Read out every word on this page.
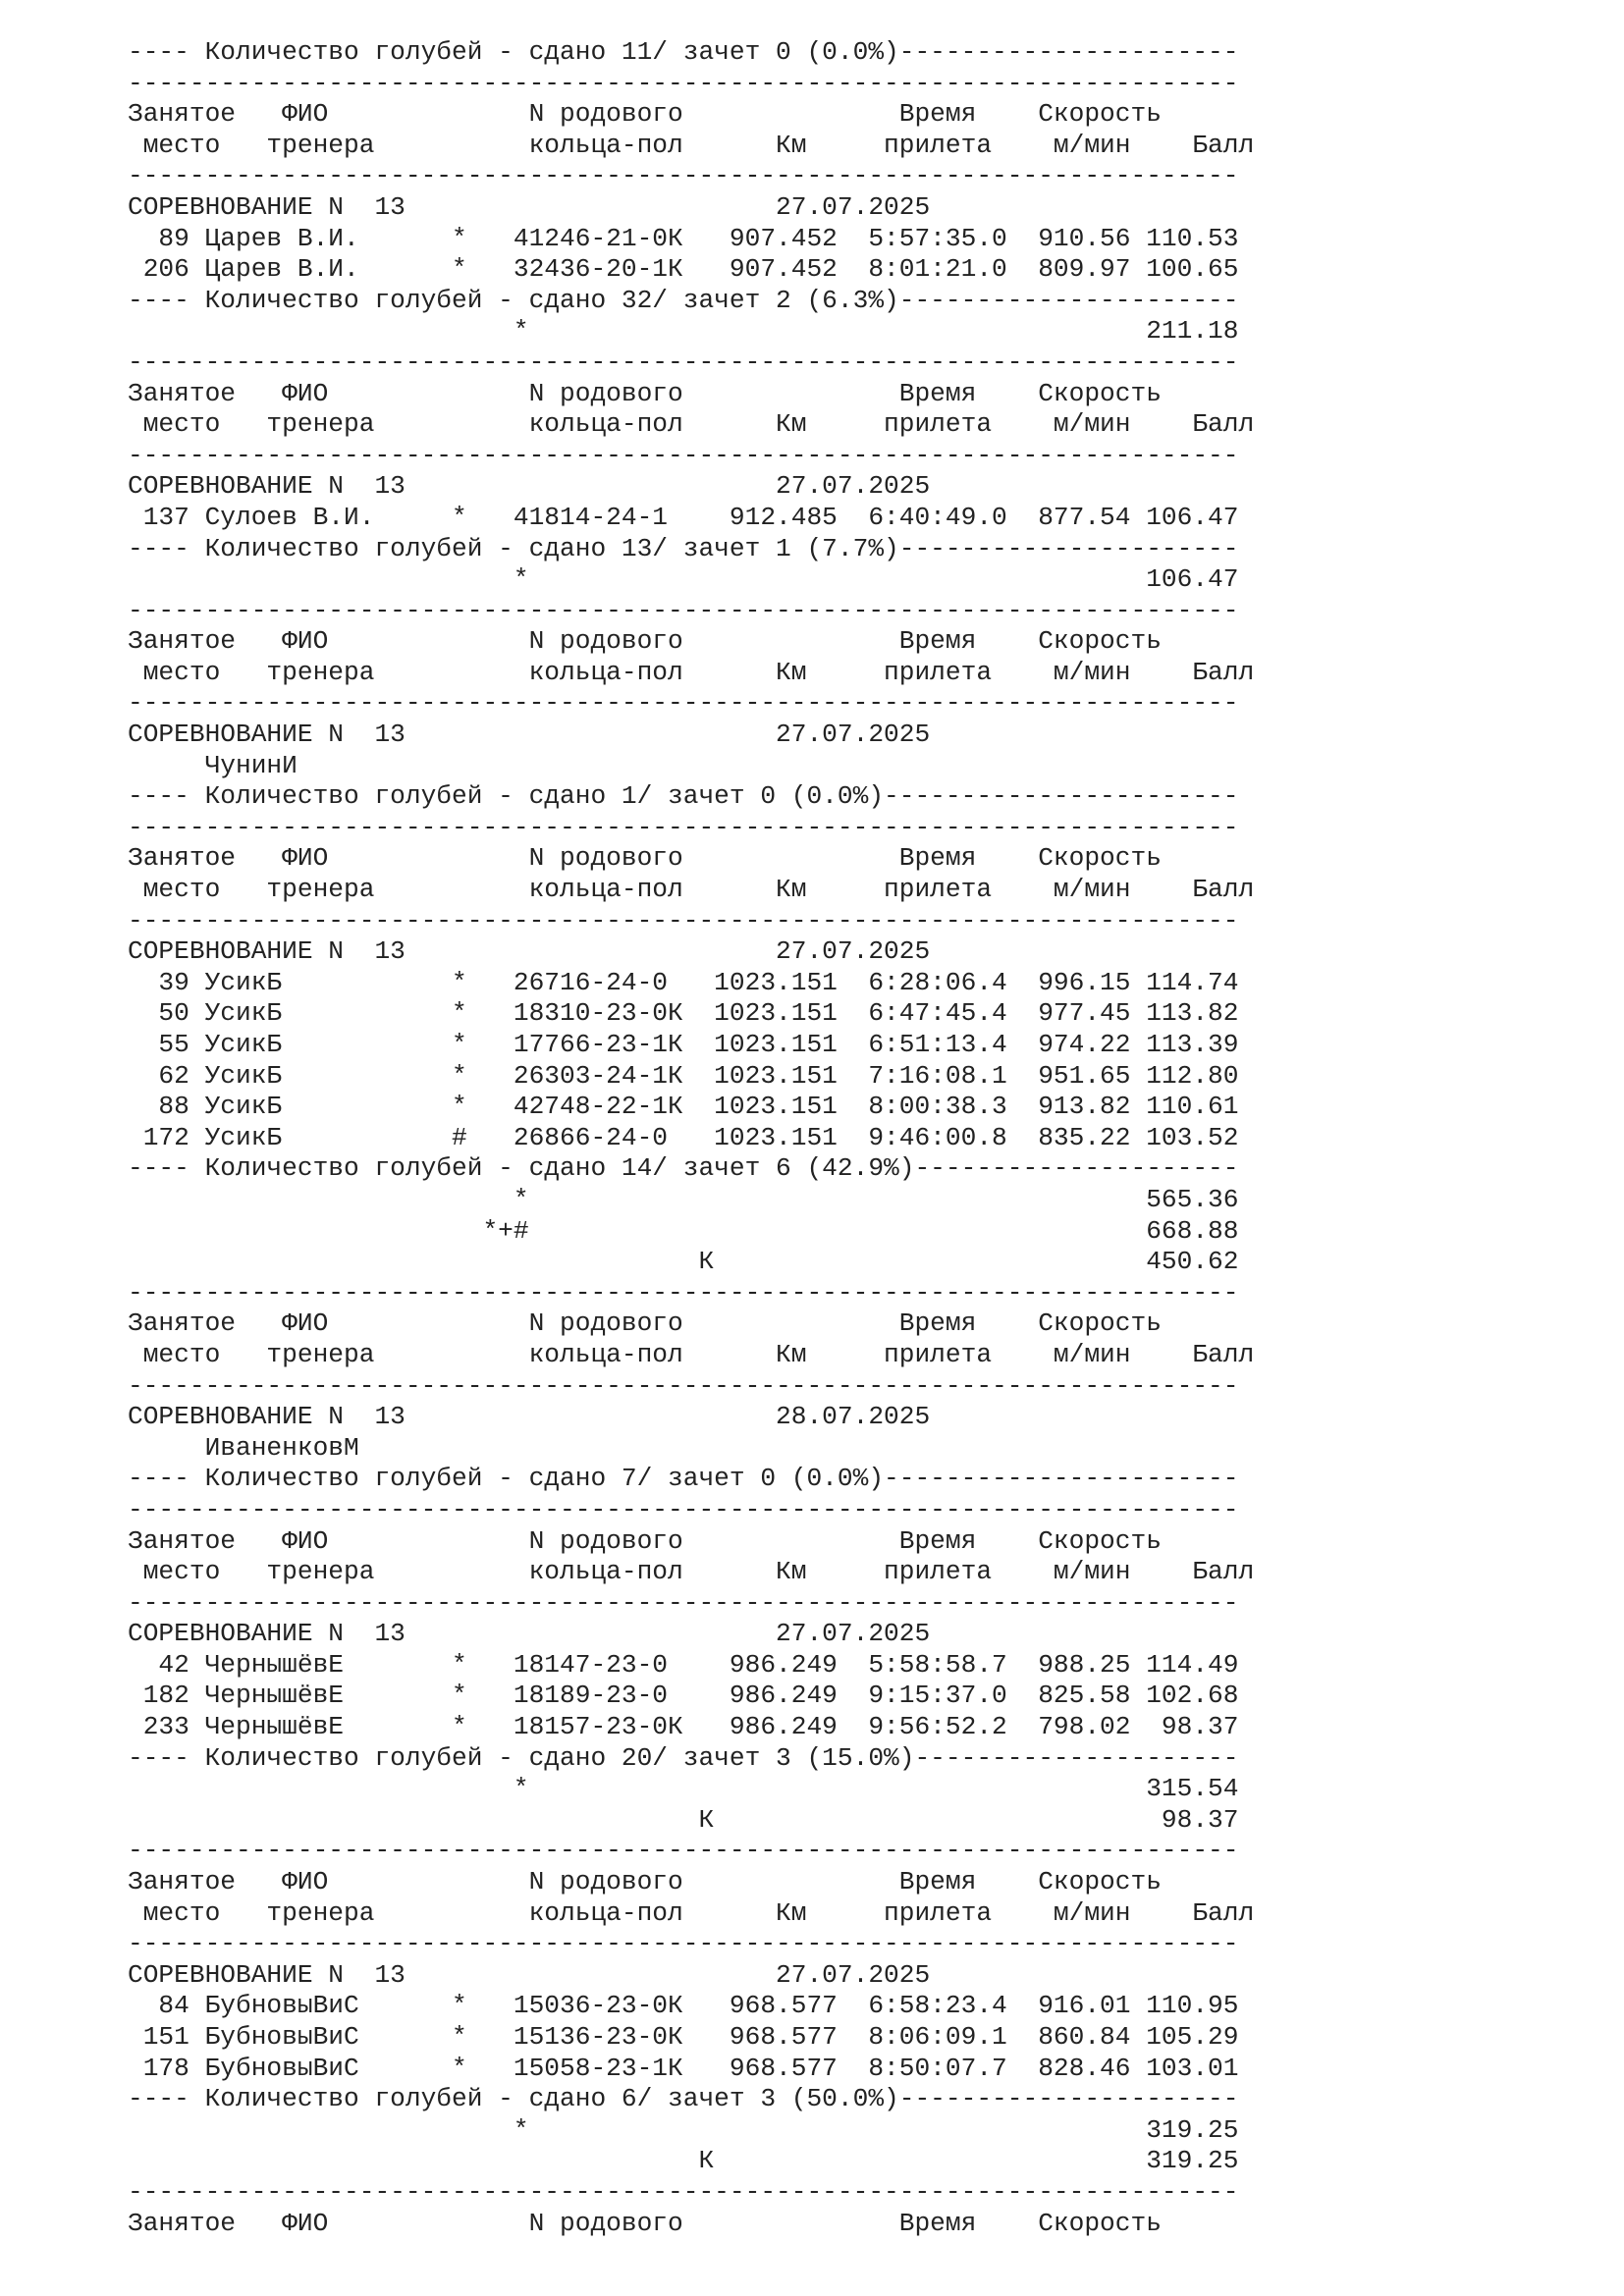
---- Количество голубей - сдано 11/ зачет 0 (0.0%)----------------------
------------------------------------------------------------------------
Занятое   ФИО             N родового              Время    Скорость
место   тренера          кольца-пол      Км     прилета    м/мин    Балл
------------------------------------------------------------------------
СОРЕВНОВАНИЕ N  13                        27.07.2025
89 Царев В.И.      *   41246-21-0К   907.452  5:57:35.0  910.56 110.53
206 Царев В.И.      *   32436-20-1К   907.452  8:01:21.0  809.97 100.65
---- Количество голубей - сдано 32/ зачет 2 (6.3%)----------------------
*                                        211.18
------------------------------------------------------------------------
Занятое   ФИО             N родового              Время    Скорость
место   тренера          кольца-пол      Км     прилета    м/мин    Балл
------------------------------------------------------------------------
СОРЕВНОВАНИЕ N  13                        27.07.2025
137 Сулоев В.И.     *   41814-24-1    912.485  6:40:49.0  877.54 106.47
---- Количество голубей - сдано 13/ зачет 1 (7.7%)----------------------
*                                        106.47
------------------------------------------------------------------------
Занятое   ФИО             N родового              Время    Скорость
место   тренера          кольца-пол      Км     прилета    м/мин    Балл
------------------------------------------------------------------------
СОРЕВНОВАНИЕ N  13                        27.07.2025
ЧунинИ
---- Количество голубей - сдано 1/ зачет 0 (0.0%)-----------------------
------------------------------------------------------------------------
Занятое   ФИО             N родового              Время    Скорость
место   тренера          кольца-пол      Км     прилета    м/мин    Балл
------------------------------------------------------------------------
СОРЕВНОВАНИЕ N  13                        27.07.2025
39 УсикБ           *   26716-24-0   1023.151  6:28:06.4  996.15 114.74
50 УсикБ           *   18310-23-0К  1023.151  6:47:45.4  977.45 113.82
55 УсикБ           *   17766-23-1К  1023.151  6:51:13.4  974.22 113.39
62 УсикБ           *   26303-24-1К  1023.151  7:16:08.1  951.65 112.80
88 УсикБ           *   42748-22-1К  1023.151  8:00:38.3  913.82 110.61
172 УсикБ           #   26866-24-0   1023.151  9:46:00.8  835.22 103.52
---- Количество голубей - сдано 14/ зачет 6 (42.9%)---------------------
*                                        565.36
*+#                                        668.88
К                            450.62
------------------------------------------------------------------------
Занятое   ФИО             N родового              Время    Скорость
место   тренера          кольца-пол      Км     прилета    м/мин    Балл
------------------------------------------------------------------------
СОРЕВНОВАНИЕ N  13                        28.07.2025
ИваненковМ
---- Количество голубей - сдано 7/ зачет 0 (0.0%)-----------------------
------------------------------------------------------------------------
Занятое   ФИО             N родового              Время    Скорость
место   тренера          кольца-пол      Км     прилета    м/мин    Балл
------------------------------------------------------------------------
СОРЕВНОВАНИЕ N  13                        27.07.2025
42 ЧернышёвЕ       *   18147-23-0    986.249  5:58:58.7  988.25 114.49
182 ЧернышёвЕ       *   18189-23-0    986.249  9:15:37.0  825.58 102.68
233 ЧернышёвЕ       *   18157-23-0К   986.249  9:56:52.2  798.02  98.37
---- Количество голубей - сдано 20/ зачет 3 (15.0%)---------------------
*                                        315.54
К                             98.37
------------------------------------------------------------------------
Занятое   ФИО             N родового              Время    Скорость
место   тренера          кольца-пол      Км     прилета    м/мин    Балл
------------------------------------------------------------------------
СОРЕВНОВАНИЕ N  13                        27.07.2025
84 БубновыВиС      *   15036-23-0К   968.577  6:58:23.4  916.01 110.95
151 БубновыВиС      *   15136-23-0К   968.577  8:06:09.1  860.84 105.29
178 БубновыВиС      *   15058-23-1К   968.577  8:50:07.7  828.46 103.01
---- Количество голубей - сдано 6/ зачет 3 (50.0%)----------------------
*                                        319.25
К                            319.25
------------------------------------------------------------------------
Занятое   ФИО             N родового              Время    Скорость
